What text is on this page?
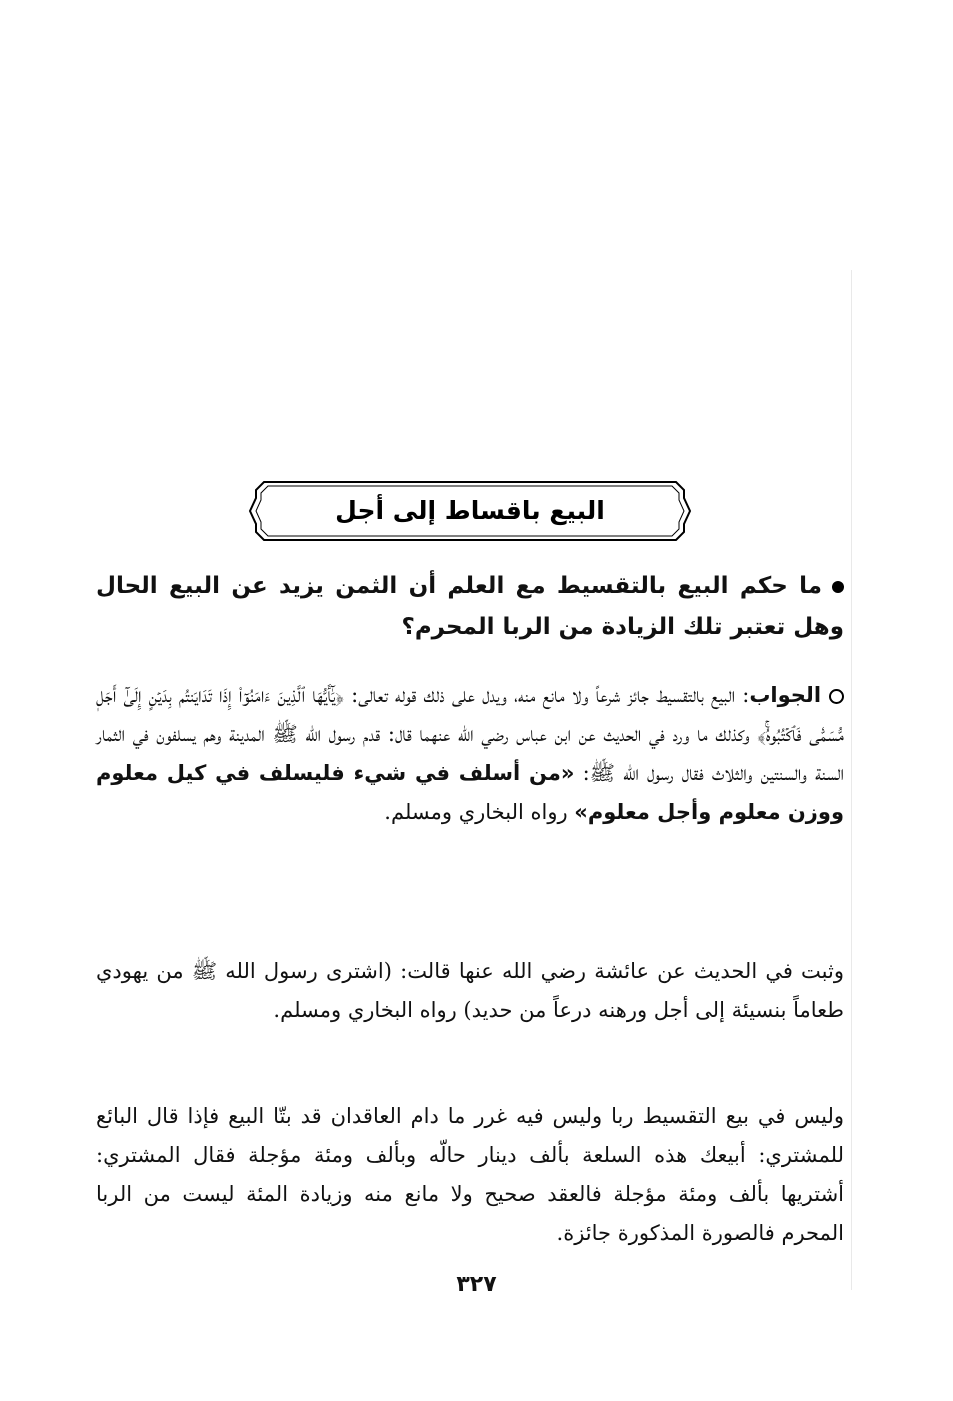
البيع باقساط إلى أجل
ما حكم البيع بالتقسيط مع العلم أن الثمن يزيد عن البيع الحال وهل تعتبر تلك الزيادة من الربا المحرم؟
الجواب: البيع بالتقسيط جائز شرعاً ولا مانع منه، ويدل على ذلك قوله تعالى: ﴿يَٰٓأَيُّهَا ٱلَّذِينَ ءَامَنُوٓاْ إِذَا تَدَايَنتُم بِدَيۡنٍ إِلَىٰٓ أَجَلٖ مُّسَمّٗى فَٱكۡتُبُوهُۚ﴾ وكذلك ما ورد في الحديث عن ابن عباس رضي الله عنهما قال: قدم رسول الله ﷺ المدينة وهم يسلفون في الثمار السنة والسنتين والثلاث فقال رسول الله ﷺ: «من أسلف في شيء فليسلف في كيل معلوم ووزن معلوم وأجل معلوم» رواه البخاري ومسلم.
وثبت في الحديث عن عائشة رضي الله عنها قالت: (اشترى رسول الله ﷺ من يهودي طعاماً بنسيئة إلى أجل ورهنه درعاً من حديد) رواه البخاري ومسلم.
وليس في بيع التقسيط ربا وليس فيه غرر ما دام العاقدان قد بتّا البيع فإذا قال البائع للمشتري: أبيعك هذه السلعة بألف دينار حالّه وبألف ومئة مؤجلة فقال المشتري: أشتريها بألف ومئة مؤجلة فالعقد صحيح ولا مانع منه وزيادة المئة ليست من الربا المحرم فالصورة المذكورة جائزة.
٣٢٧
